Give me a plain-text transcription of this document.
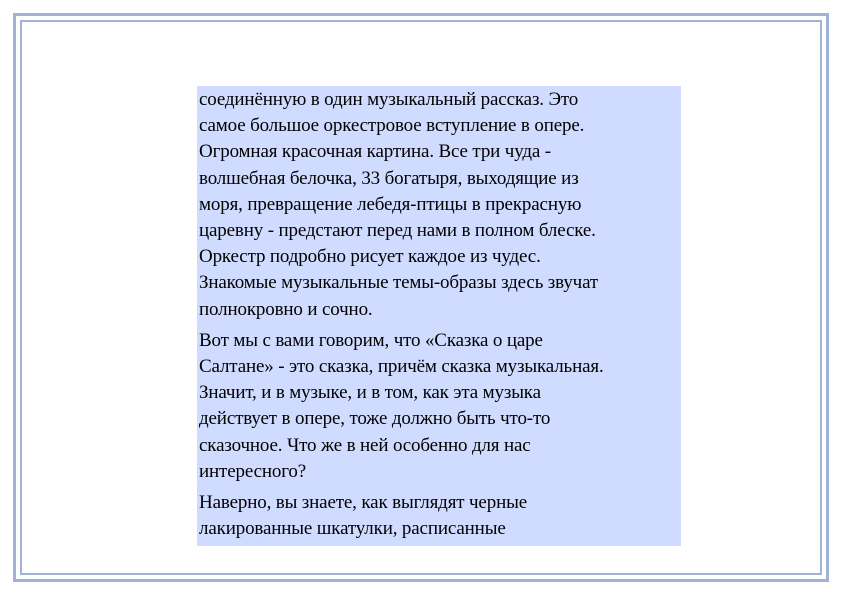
соединённую в один музыкальный рассказ. Это
самое большое оркестровое вступление в опере.
Огромная красочная картина. Все три чуда -
волшебная белочка, 33 богатыря, выходящие из
моря, превращение лебедя-птицы в прекрасную
царевну - предстают перед нами в полном блеске.
Оркестр подробно рисует каждое из чудес.
Знакомые музыкальные темы-образы здесь звучат
полнокровно и сочно.

Вот мы с вами говорим, что «Сказка о царе
Салтане» - это сказка, причём сказка музыкальная.
Значит, и в музыке, и в том, как эта музыка
действует в опере, тоже должно быть что-то
сказочное. Что же в ней особенно для нас
интересного?

Наверно, вы знаете, как выглядят черные
лакированные шкатулки, расписанные
